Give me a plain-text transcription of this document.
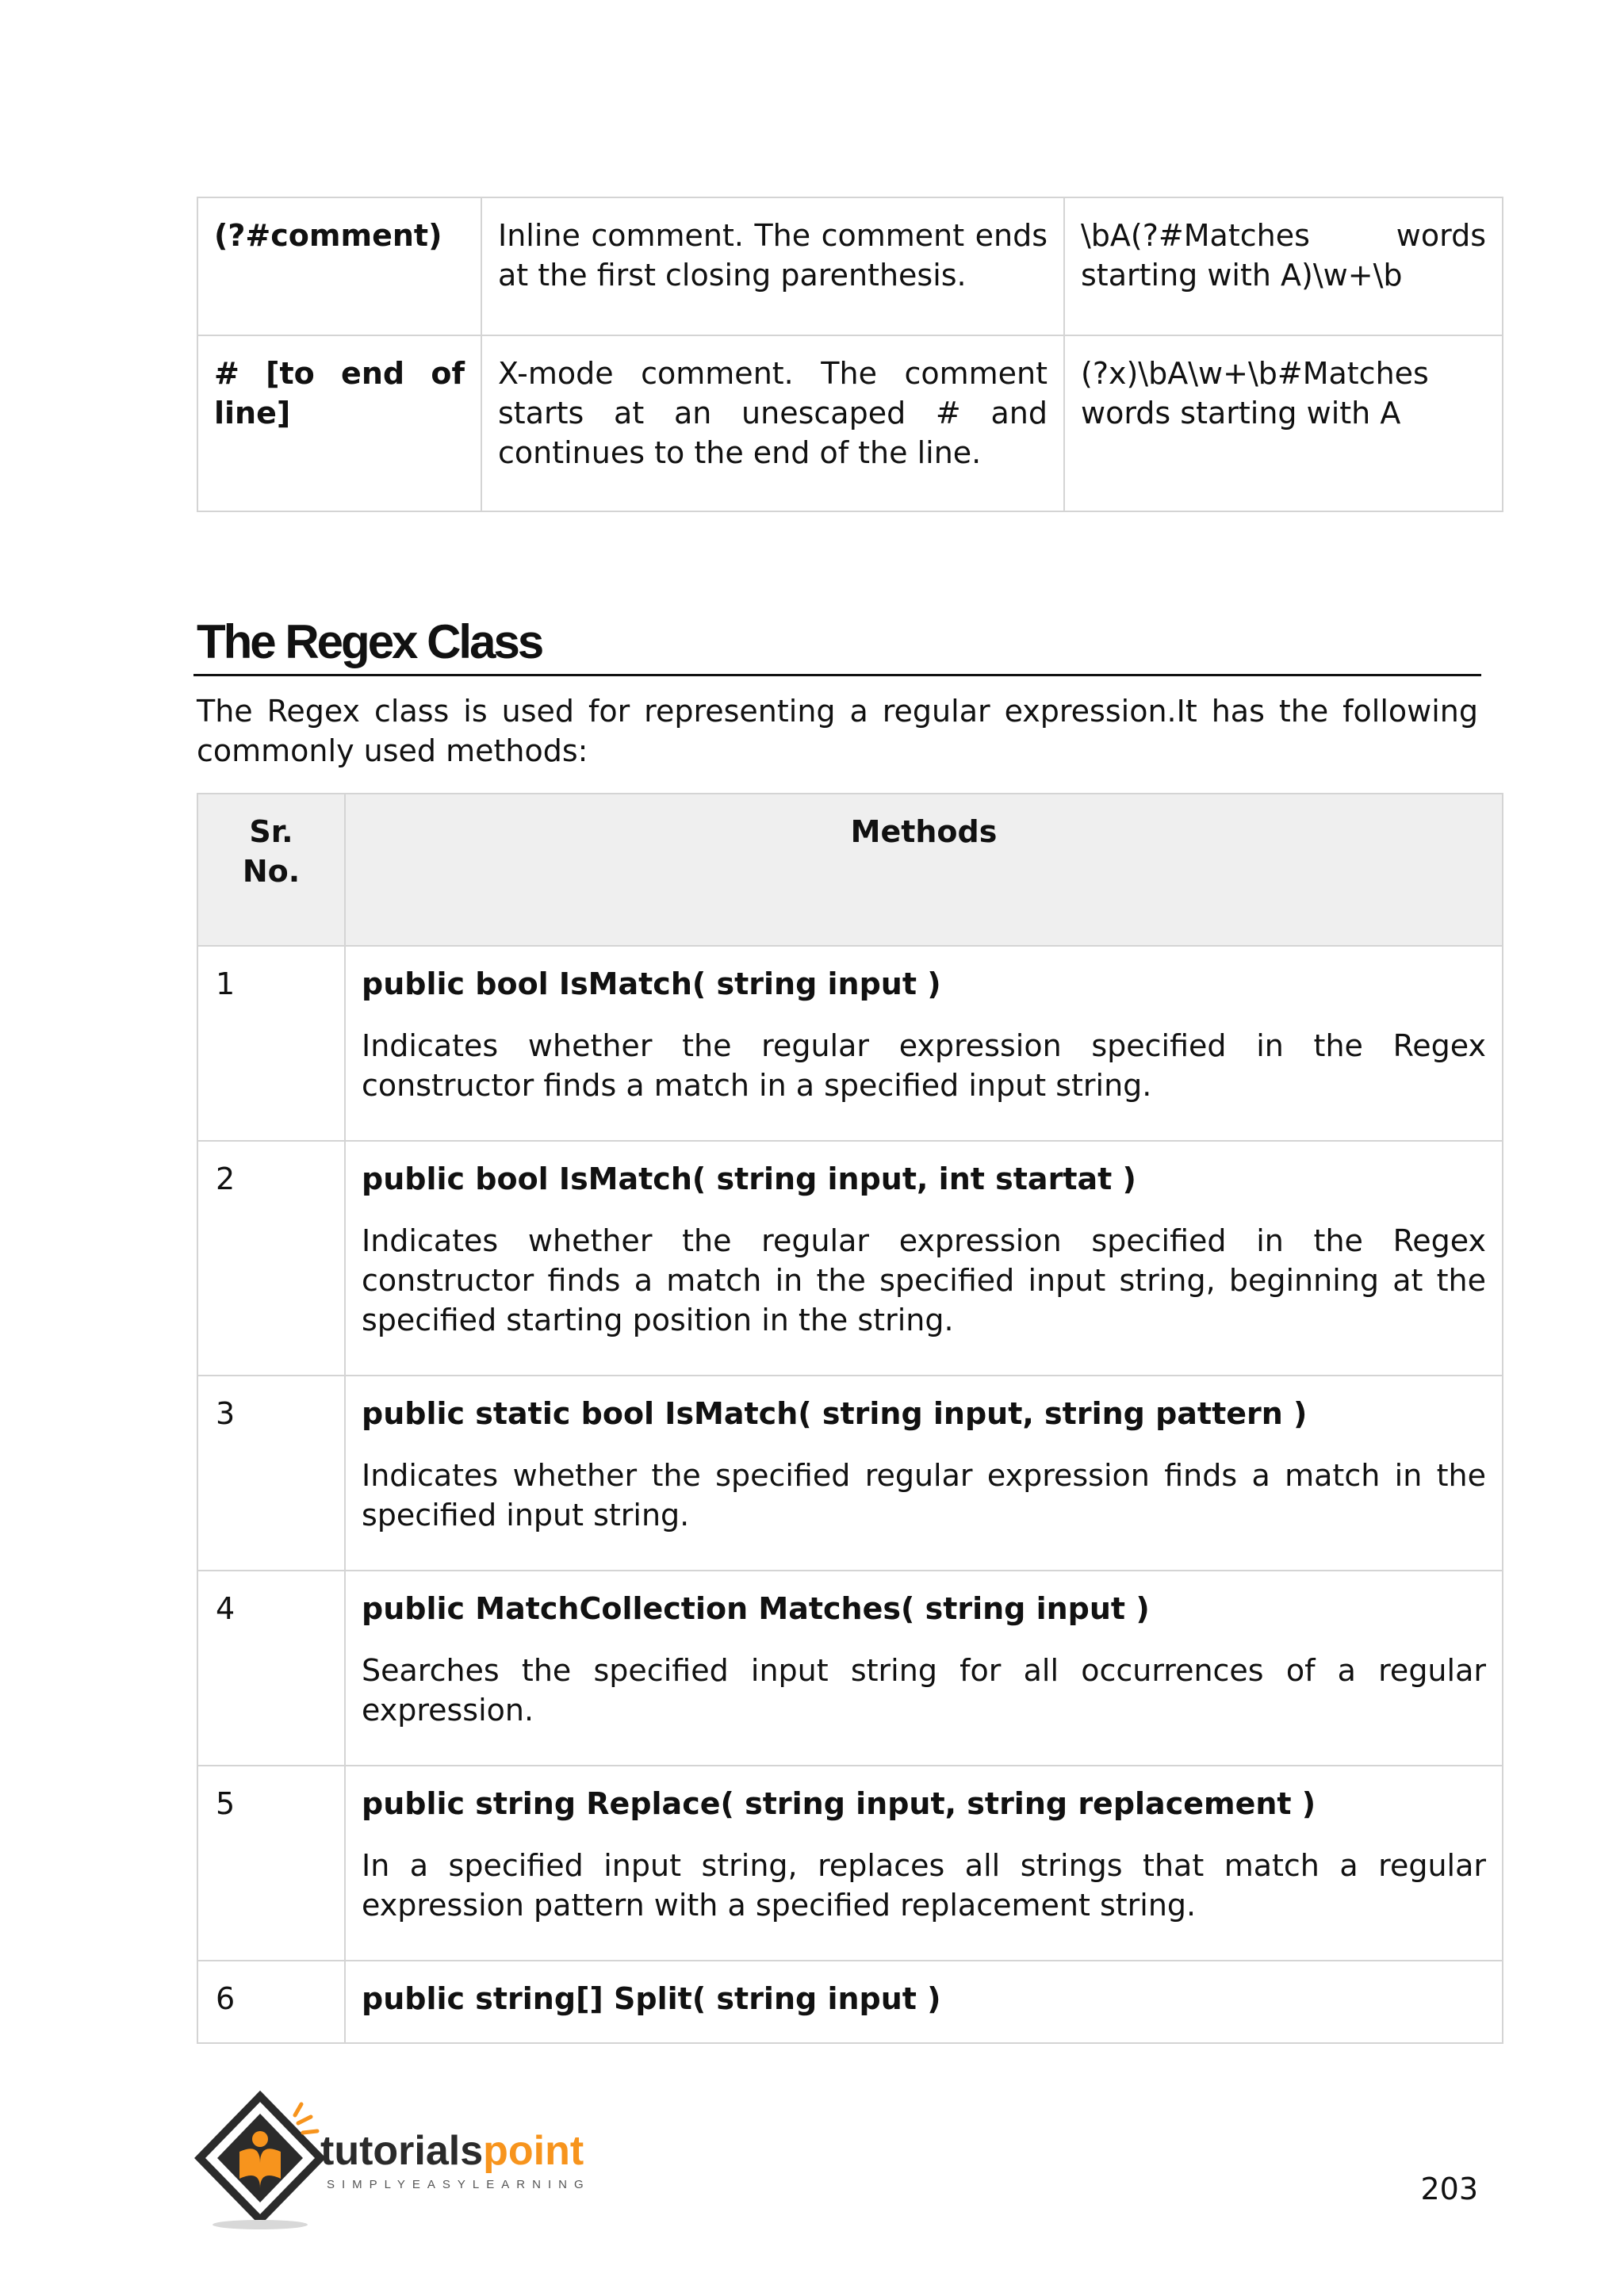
(?#comment)	Inline comment. The comment ends at the first closing parenthesis.	\bA(?#Matches words starting with A)\w+\b
# [to end of line]	X-mode comment. The comment starts at an unescaped # and continues to the end of the line.	(?x)\bA\w+\b#Matches words starting with A
The Regex Class
The Regex class is used for representing a regular expression.It has the following commonly used methods:
Sr. No.	Methods
1	public bool IsMatch( string input )
Indicates whether the regular expression specified in the Regex constructor finds a match in a specified input string.

2	public bool IsMatch( string input, int startat )
Indicates whether the regular expression specified in the Regex constructor finds a match in the specified input string, beginning at the specified starting position in the string.

3	public static bool IsMatch( string input, string pattern )
Indicates whether the specified regular expression finds a match in the specified input string.

4	public MatchCollection Matches( string input )
Searches the specified input string for all occurrences of a regular expression.

5	public string Replace( string input, string replacement )
In a specified input string, replaces all strings that match a regular expression pattern with a specified replacement string.

6	public string[] Split( string input )
tutorialspoint
SIMPLYEASYLEARNING	203
